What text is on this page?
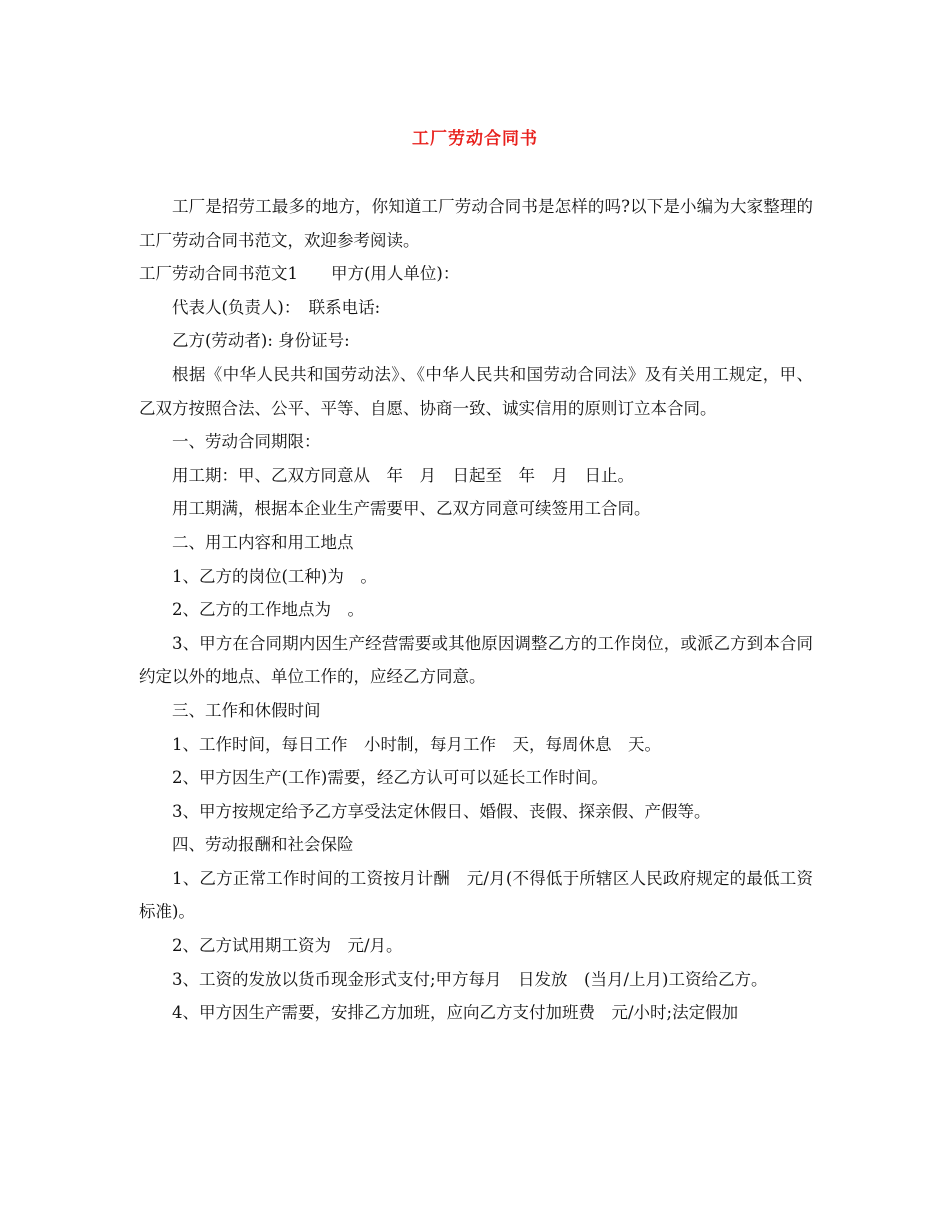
工厂劳动合同书

工厂是招劳工最多的地方，你知道工厂劳动合同书是怎样的吗?以下是小编为大家整理的工厂劳动合同书范文，欢迎参考阅读。

工厂劳动合同书范文1　　甲方(用人单位)：

代表人(负责人)：　联系电话:

乙方(劳动者): 身份证号:

根据《中华人民共和国劳动法》、《中华人民共和国劳动合同法》及有关用工规定，甲、乙双方按照合法、公平、平等、自愿、协商一致、诚实信用的原则订立本合同。

一、劳动合同期限：

用工期：甲、乙双方同意从　年　月　日起至　年　月　日止。

用工期满，根据本企业生产需要甲、乙双方同意可续签用工合同。

二、用工内容和用工地点

1、乙方的岗位(工种)为　。

2、乙方的工作地点为　。

3、甲方在合同期内因生产经营需要或其他原因调整乙方的工作岗位，或派乙方到本合同约定以外的地点、单位工作的，应经乙方同意。

三、工作和休假时间

1、工作时间，每日工作　小时制，每月工作　天，每周休息　天。

2、甲方因生产(工作)需要，经乙方认可可以延长工作时间。

3、甲方按规定给予乙方享受法定休假日、婚假、丧假、探亲假、产假等。

四、劳动报酬和社会保险

1、乙方正常工作时间的工资按月计酬　元/月(不得低于所辖区人民政府规定的最低工资标准)。

2、乙方试用期工资为　元/月。

3、工资的发放以货币现金形式支付;甲方每月　日发放　(当月/上月)工资给乙方。

4、甲方因生产需要，安排乙方加班，应向乙方支付加班费　元/小时;法定假加
